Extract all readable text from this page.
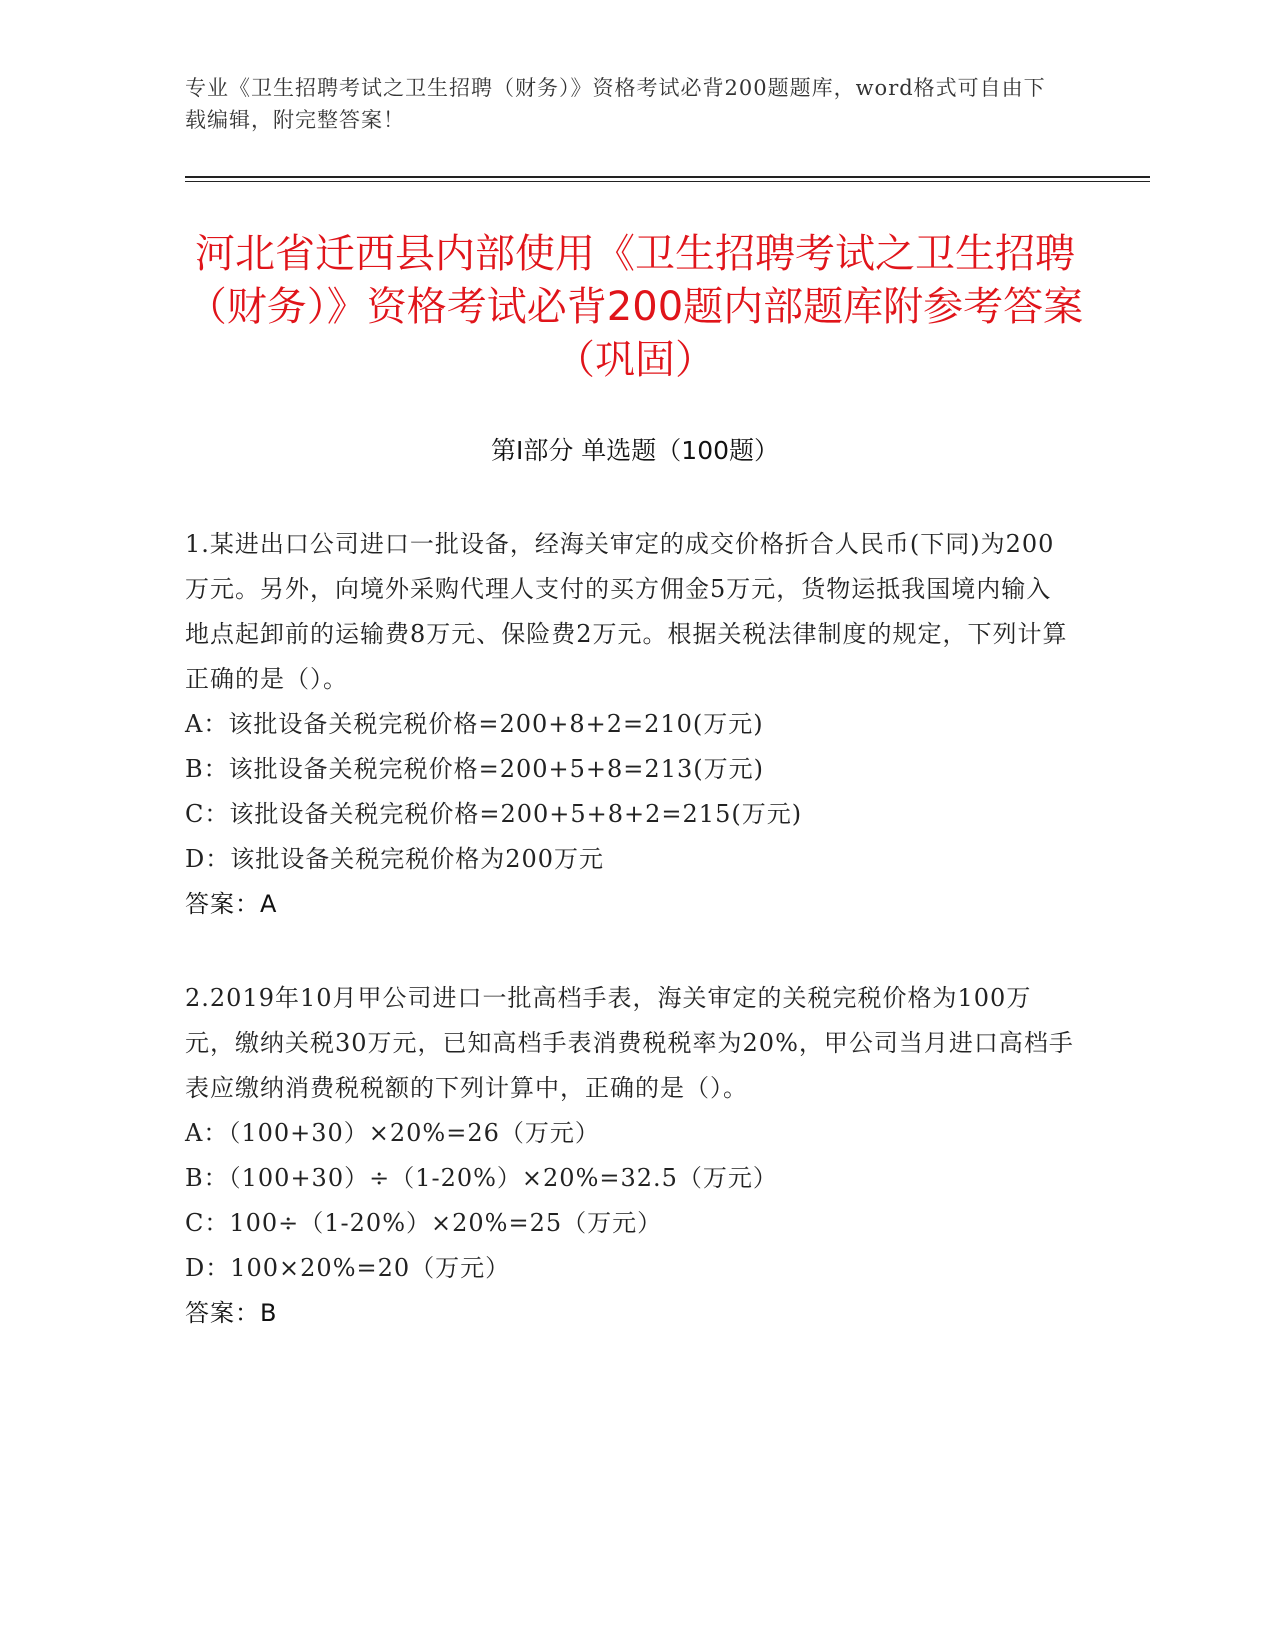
专业《卫生招聘考试之卫生招聘（财务）》资格考试必背200题题库，word格式可自由下载编辑，附完整答案！
河北省迁西县内部使用《卫生招聘考试之卫生招聘（财务）》资格考试必背200题内部题库附参考答案（巩固）
第I部分 单选题（100题）
1.某进出口公司进口一批设备，经海关审定的成交价格折合人民币(下同)为200万元。另外，向境外采购代理人支付的买方佣金5万元，货物运抵我国境内输入地点起卸前的运输费8万元、保险费2万元。根据关税法律制度的规定，下列计算正确的是（）。
A：该批设备关税完税价格=200+8+2=210(万元)
B：该批设备关税完税价格=200+5+8=213(万元)
C：该批设备关税完税价格=200+5+8+2=215(万元)
D：该批设备关税完税价格为200万元
答案：A
2.2019年10月甲公司进口一批高档手表，海关审定的关税完税价格为100万元，缴纳关税30万元，已知高档手表消费税税率为20%，甲公司当月进口高档手表应缴纳消费税税额的下列计算中，正确的是（）。
A：（100+30）×20%=26（万元）
B：（100+30）÷（1-20%）×20%=32.5（万元）
C：100÷（1-20%）×20%=25（万元）
D：100×20%=20（万元）
答案：B
